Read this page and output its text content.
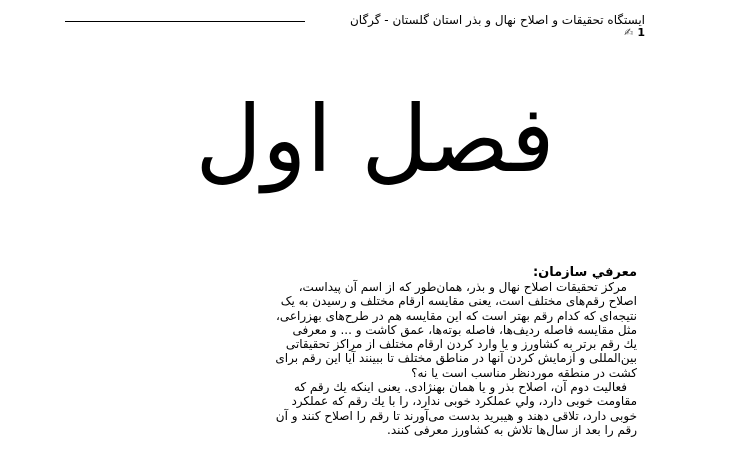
ایستگاه تحقیقات و اصلاح نهال و بذر استان گلستان - گرگان
1✍
فصل اول
معرفي سازمان:
مرکز تحقیقات اصلاح نهال و بذر، همان‌طور که از اسم آن پیداست،
اصلاح رقم‌های مختلف است، یعنی مقایسه ارقام مختلف و رسیدن به یک
نتیجه‌ای که کدام رقم بهتر است که این مقایسه هم در طرح‌های بهزراعی،
مثل مقایسه فاصله ردیف‌ها، فاصله بوته‌ها، عمق کاشت و ... و معرفی
یك رقم برتر به کشاورز و یا وارد کردن ارقام مختلف از مراکز تحقیقاتی
بین‌المللی و آزمایش کردن آنها در مناطق مختلف تا ببینند آیا این رقم برای
کشت در منطقه موردنظر مناسب است یا نه؟
فعالیت دوم آن، اصلاح بذر و یا همان بهنژادی. یعنی اینکه یك رقم که
مقاومت خوبی دارد، ولي عملکرد خوبی ندارد، را با یك رقم که عملکرد
خوبی دارد، تلاقی دهند و هیبرید بدست می‌آورند تا رقم را اصلاح کنند و آن
رقم را بعد از سال‌ها تلاش به کشاورز معرفی کنند.
